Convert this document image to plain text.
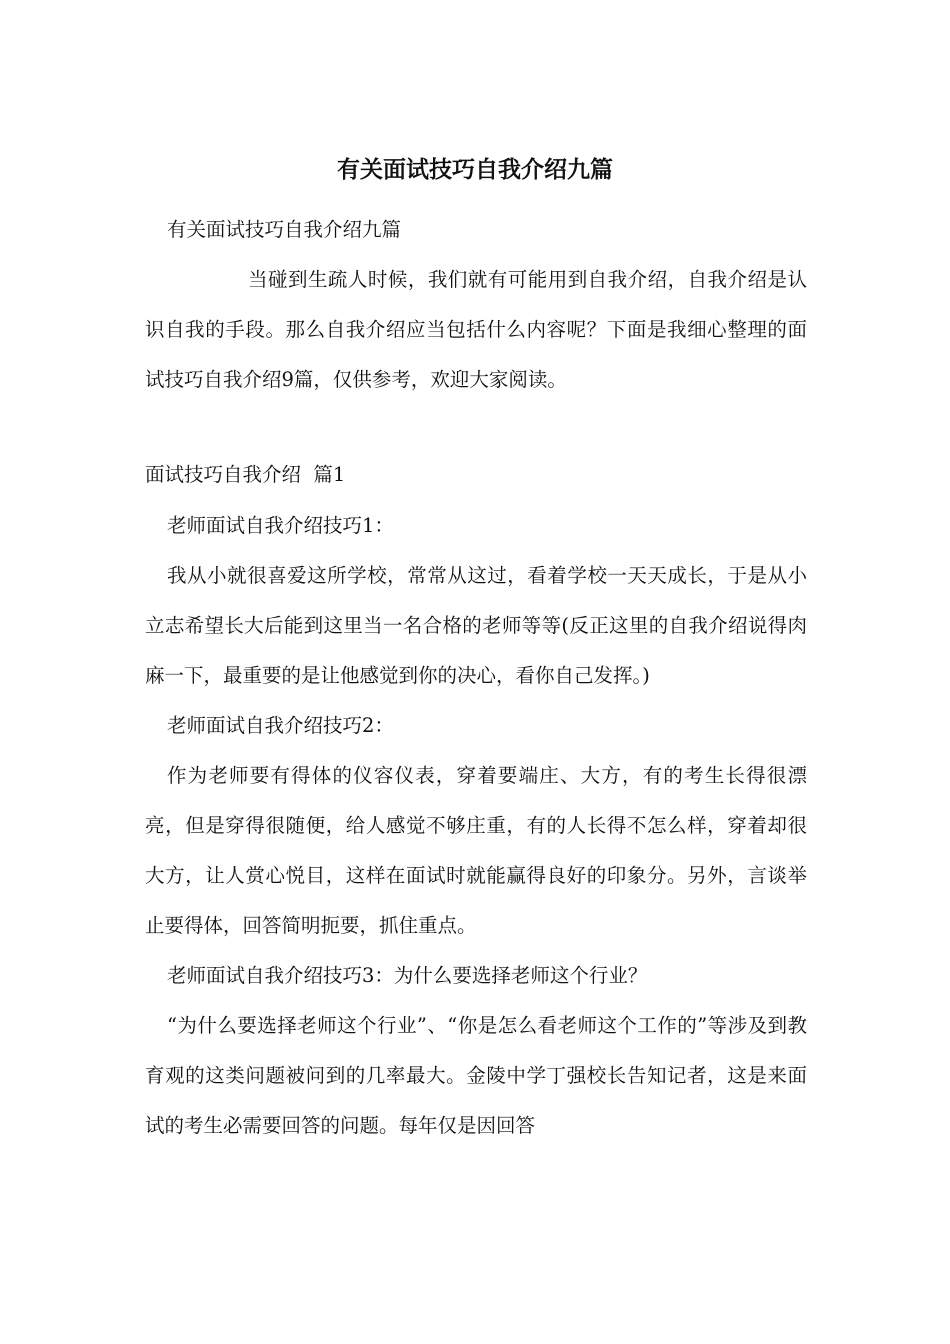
有关面试技巧自我介绍九篇

有关面试技巧自我介绍九篇

当碰到生疏人时候，我们就有可能用到自我介绍，自我介绍是认识自我的手段。那么自我介绍应当包括什么内容呢？下面是我细心整理的面试技巧自我介绍9篇，仅供参考，欢迎大家阅读。

面试技巧自我介绍  篇1

老师面试自我介绍技巧1：

我从小就很喜爱这所学校，常常从这过，看着学校一天天成长，于是从小立志希望长大后能到这里当一名合格的老师等等(反正这里的自我介绍说得肉麻一下，最重要的是让他感觉到你的决心，看你自己发挥。)

老师面试自我介绍技巧2：

作为老师要有得体的仪容仪表，穿着要端庄、大方，有的考生长得很漂亮，但是穿得很随便，给人感觉不够庄重，有的人长得不怎么样，穿着却很大方，让人赏心悦目，这样在面试时就能赢得良好的印象分。另外，言谈举止要得体，回答简明扼要，抓住重点。

老师面试自我介绍技巧3：为什么要选择老师这个行业？

“为什么要选择老师这个行业”、“你是怎么看老师这个工作的”等涉及到教育观的这类问题被问到的几率最大。金陵中学丁强校长告知记者，这是来面试的考生必需要回答的问题。每年仅是因回答
